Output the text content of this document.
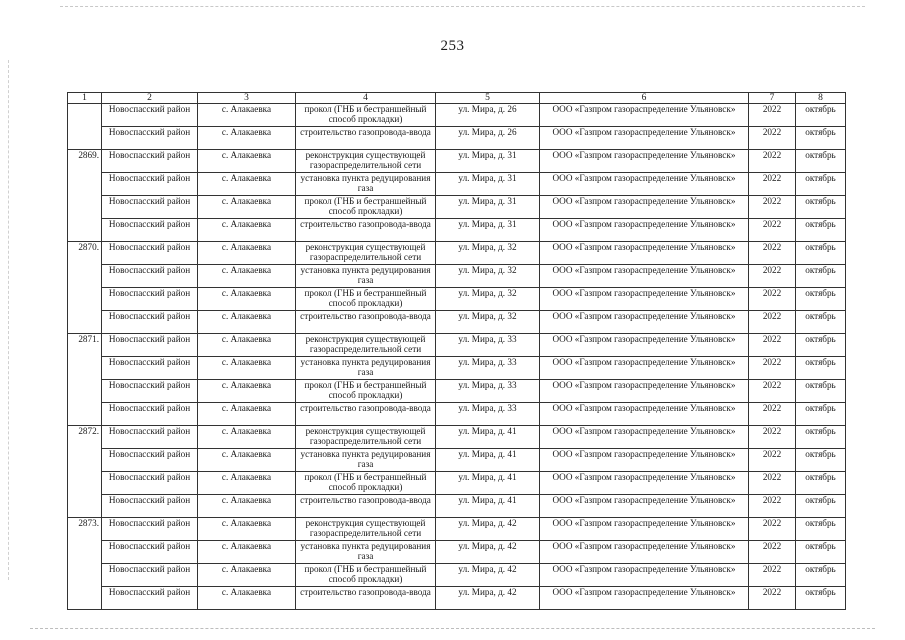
253
1	2	3	4	5	6	7	8
	Новоспасский район	с. Алакаевка	прокол (ГНБ и бестраншейный способ прокладки)	ул. Мира, д. 26	ООО «Газпром газораспределение Ульяновск»	2022	октябрь
	Новоспасский район	с. Алакаевка	строительство газопровода-ввода	ул. Мира, д. 26	ООО «Газпром газораспределение Ульяновск»	2022	октябрь
2869.	Новоспасский район	с. Алакаевка	реконструкция существующей газораспределительной сети	ул. Мира, д. 31	ООО «Газпром газораспределение Ульяновск»	2022	октябрь
	Новоспасский район	с. Алакаевка	установка пункта редуцирования газа	ул. Мира, д. 31	ООО «Газпром газораспределение Ульяновск»	2022	октябрь
	Новоспасский район	с. Алакаевка	прокол (ГНБ и бестраншейный способ прокладки)	ул. Мира, д. 31	ООО «Газпром газораспределение Ульяновск»	2022	октябрь
	Новоспасский район	с. Алакаевка	строительство газопровода-ввода	ул. Мира, д. 31	ООО «Газпром газораспределение Ульяновск»	2022	октябрь
2870.	Новоспасский район	с. Алакаевка	реконструкция существующей газораспределительной сети	ул. Мира, д. 32	ООО «Газпром газораспределение Ульяновск»	2022	октябрь
	Новоспасский район	с. Алакаевка	установка пункта редуцирования газа	ул. Мира, д. 32	ООО «Газпром газораспределение Ульяновск»	2022	октябрь
	Новоспасский район	с. Алакаевка	прокол (ГНБ и бестраншейный способ прокладки)	ул. Мира, д. 32	ООО «Газпром газораспределение Ульяновск»	2022	октябрь
	Новоспасский район	с. Алакаевка	строительство газопровода-ввода	ул. Мира, д. 32	ООО «Газпром газораспределение Ульяновск»	2022	октябрь
2871.	Новоспасский район	с. Алакаевка	реконструкция существующей газораспределительной сети	ул. Мира, д. 33	ООО «Газпром газораспределение Ульяновск»	2022	октябрь
	Новоспасский район	с. Алакаевка	установка пункта редуцирования газа	ул. Мира, д. 33	ООО «Газпром газораспределение Ульяновск»	2022	октябрь
	Новоспасский район	с. Алакаевка	прокол (ГНБ и бестраншейный способ прокладки)	ул. Мира, д. 33	ООО «Газпром газораспределение Ульяновск»	2022	октябрь
	Новоспасский район	с. Алакаевка	строительство газопровода-ввода	ул. Мира, д. 33	ООО «Газпром газораспределение Ульяновск»	2022	октябрь
2872.	Новоспасский район	с. Алакаевка	реконструкция существующей газораспределительной сети	ул. Мира, д. 41	ООО «Газпром газораспределение Ульяновск»	2022	октябрь
	Новоспасский район	с. Алакаевка	установка пункта редуцирования газа	ул. Мира, д. 41	ООО «Газпром газораспределение Ульяновск»	2022	октябрь
	Новоспасский район	с. Алакаевка	прокол (ГНБ и бестраншейный способ прокладки)	ул. Мира, д. 41	ООО «Газпром газораспределение Ульяновск»	2022	октябрь
	Новоспасский район	с. Алакаевка	строительство газопровода-ввода	ул. Мира, д. 41	ООО «Газпром газораспределение Ульяновск»	2022	октябрь
2873.	Новоспасский район	с. Алакаевка	реконструкция существующей газораспределительной сети	ул. Мира, д. 42	ООО «Газпром газораспределение Ульяновск»	2022	октябрь
	Новоспасский район	с. Алакаевка	установка пункта редуцирования газа	ул. Мира, д. 42	ООО «Газпром газораспределение Ульяновск»	2022	октябрь
	Новоспасский район	с. Алакаевка	прокол (ГНБ и бестраншейный способ прокладки)	ул. Мира, д. 42	ООО «Газпром газораспределение Ульяновск»	2022	октябрь
	Новоспасский район	с. Алакаевка	строительство газопровода-ввода	ул. Мира, д. 42	ООО «Газпром газораспределение Ульяновск»	2022	октябрь
